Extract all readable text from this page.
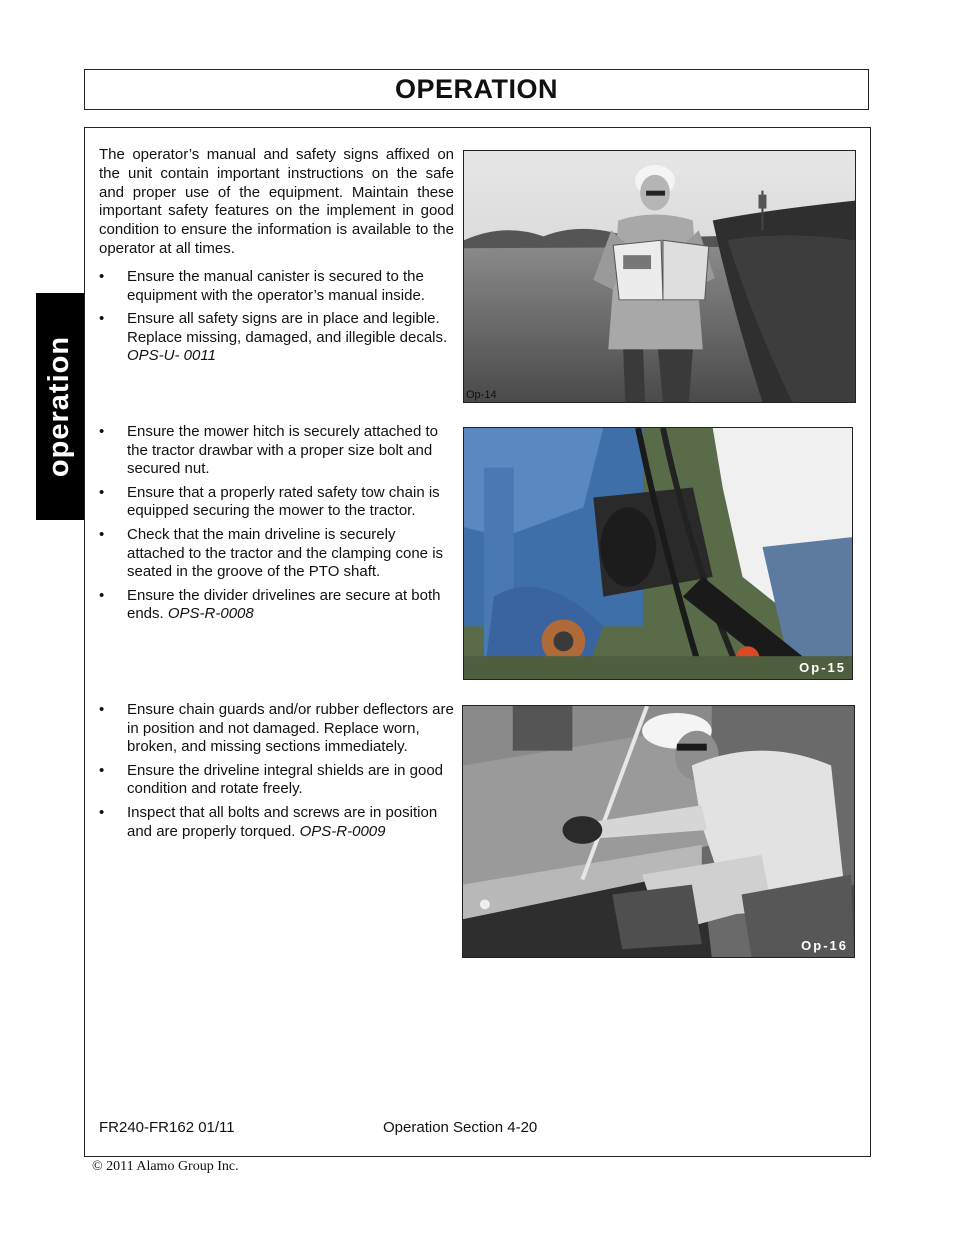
OPERATION
operation

The operator’s manual and safety signs affixed on the unit contain important instructions on the safe and proper use of the equipment. Maintain these important safety features on the implement in good condition to ensure the information is available to the operator at all times.

• Ensure the manual canister is secured to the equipment with the operator’s manual inside.
• Ensure all safety signs are in place and legible. Replace missing, damaged, and illegible decals. OPS-U- 0011
Op-14
• Ensure the mower hitch is securely attached to the tractor drawbar with a proper size bolt and secured nut.
• Ensure that a properly rated safety tow chain is equipped securing the mower to the tractor.
• Check that the main driveline is securely attached to the tractor and the clamping cone is seated in the groove of the PTO shaft.
• Ensure the divider drivelines are secure at both ends. OPS-R-0008
Op-15
• Ensure chain guards and/or rubber deflectors are in position and not damaged. Replace worn, broken, and missing sections immediately.
• Ensure the driveline integral shields are in good condition and rotate freely.
• Inspect that all bolts and screws are in position and are properly torqued. OPS-R-0009
Op-16
FR240-FR162 01/11	Operation Section 4-20
© 2011 Alamo Group Inc.
